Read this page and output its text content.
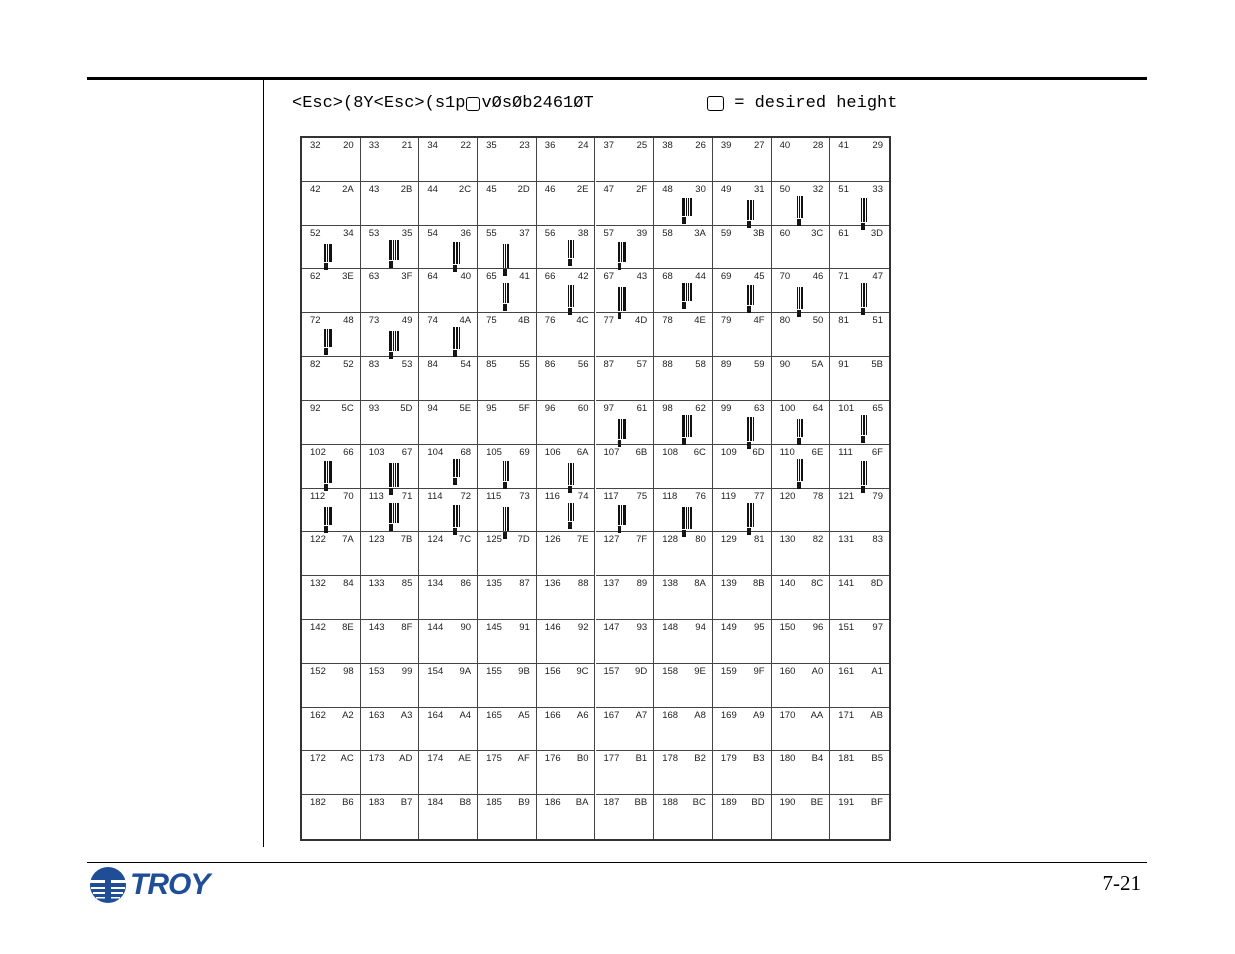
<Esc>(8Y<Esc>(s1p vØsØb2461ØT	= desired height
32 20 33 21 34 22 35 23 36 24 37 25 38 26 39 27 40 28 41 29
42 2A 43 2B 44 2C 45 2D 46 2E 47 2F 48 30
0
49 31
1
50 32
2
51 33
3
52 34
4
53 35
5
54 36
6
55 37
7
56 38
8
57 39
9
58 3A 59 3B 60 3C 61 3D
62 3E 63 3F 64 40 65 41
0
66 42
1
67 43
2
68 44
3
69 45
4
70 46
5
71 47
6
72 48
7
73 49
8
74 4A
9
75 4B 76 4C 77 4D 78 4E 79 4F 80 50 81 51
82 52 83 53 84 54 85 55 86 56 87 57 88 58 89 59 90 5A 91 5B
92 5C 93 5D 94 5E 95 5F 96 60 97 61
0
98 62
1
99 63
2
100 64
3
101 65
4
102 66
5
103 67
6
104 68
7
105 69
8
106 6A
9
107 6B 108 6C 109 6D 110 6E
0
111 6F
1
112 70
2
113 71
3
114 72
4
115 73
5
116 74
6
117 75
7
118 76
8
119 77
9
120 78 121 79
122 7A 123 7B 124 7C 125 7D 126 7E 127 7F 128 80 129 81 130 82 131 83
132 84 133 85 134 86 135 87 136 88 137 89 138 8A 139 8B 140 8C 141 8D
142 8E 143 8F 144 90 145 91 146 92 147 93 148 94 149 95 150 96 151 97
152 98 153 99 154 9A 155 9B 156 9C 157 9D 158 9E 159 9F 160 A0 161 A1
162 A2 163 A3 164 A4 165 A5 166 A6 167 A7 168 A8 169 A9 170 AA 171 AB
172 AC 173 AD 174 AE 175 AF 176 B0 177 B1 178 B2 179 B3 180 B4 181 B5
182 B6 183 B7 184 B8 185 B9 186 BA 187 BB 188 BC 189 BD 190 BE 191 BF
TROY	7-21
